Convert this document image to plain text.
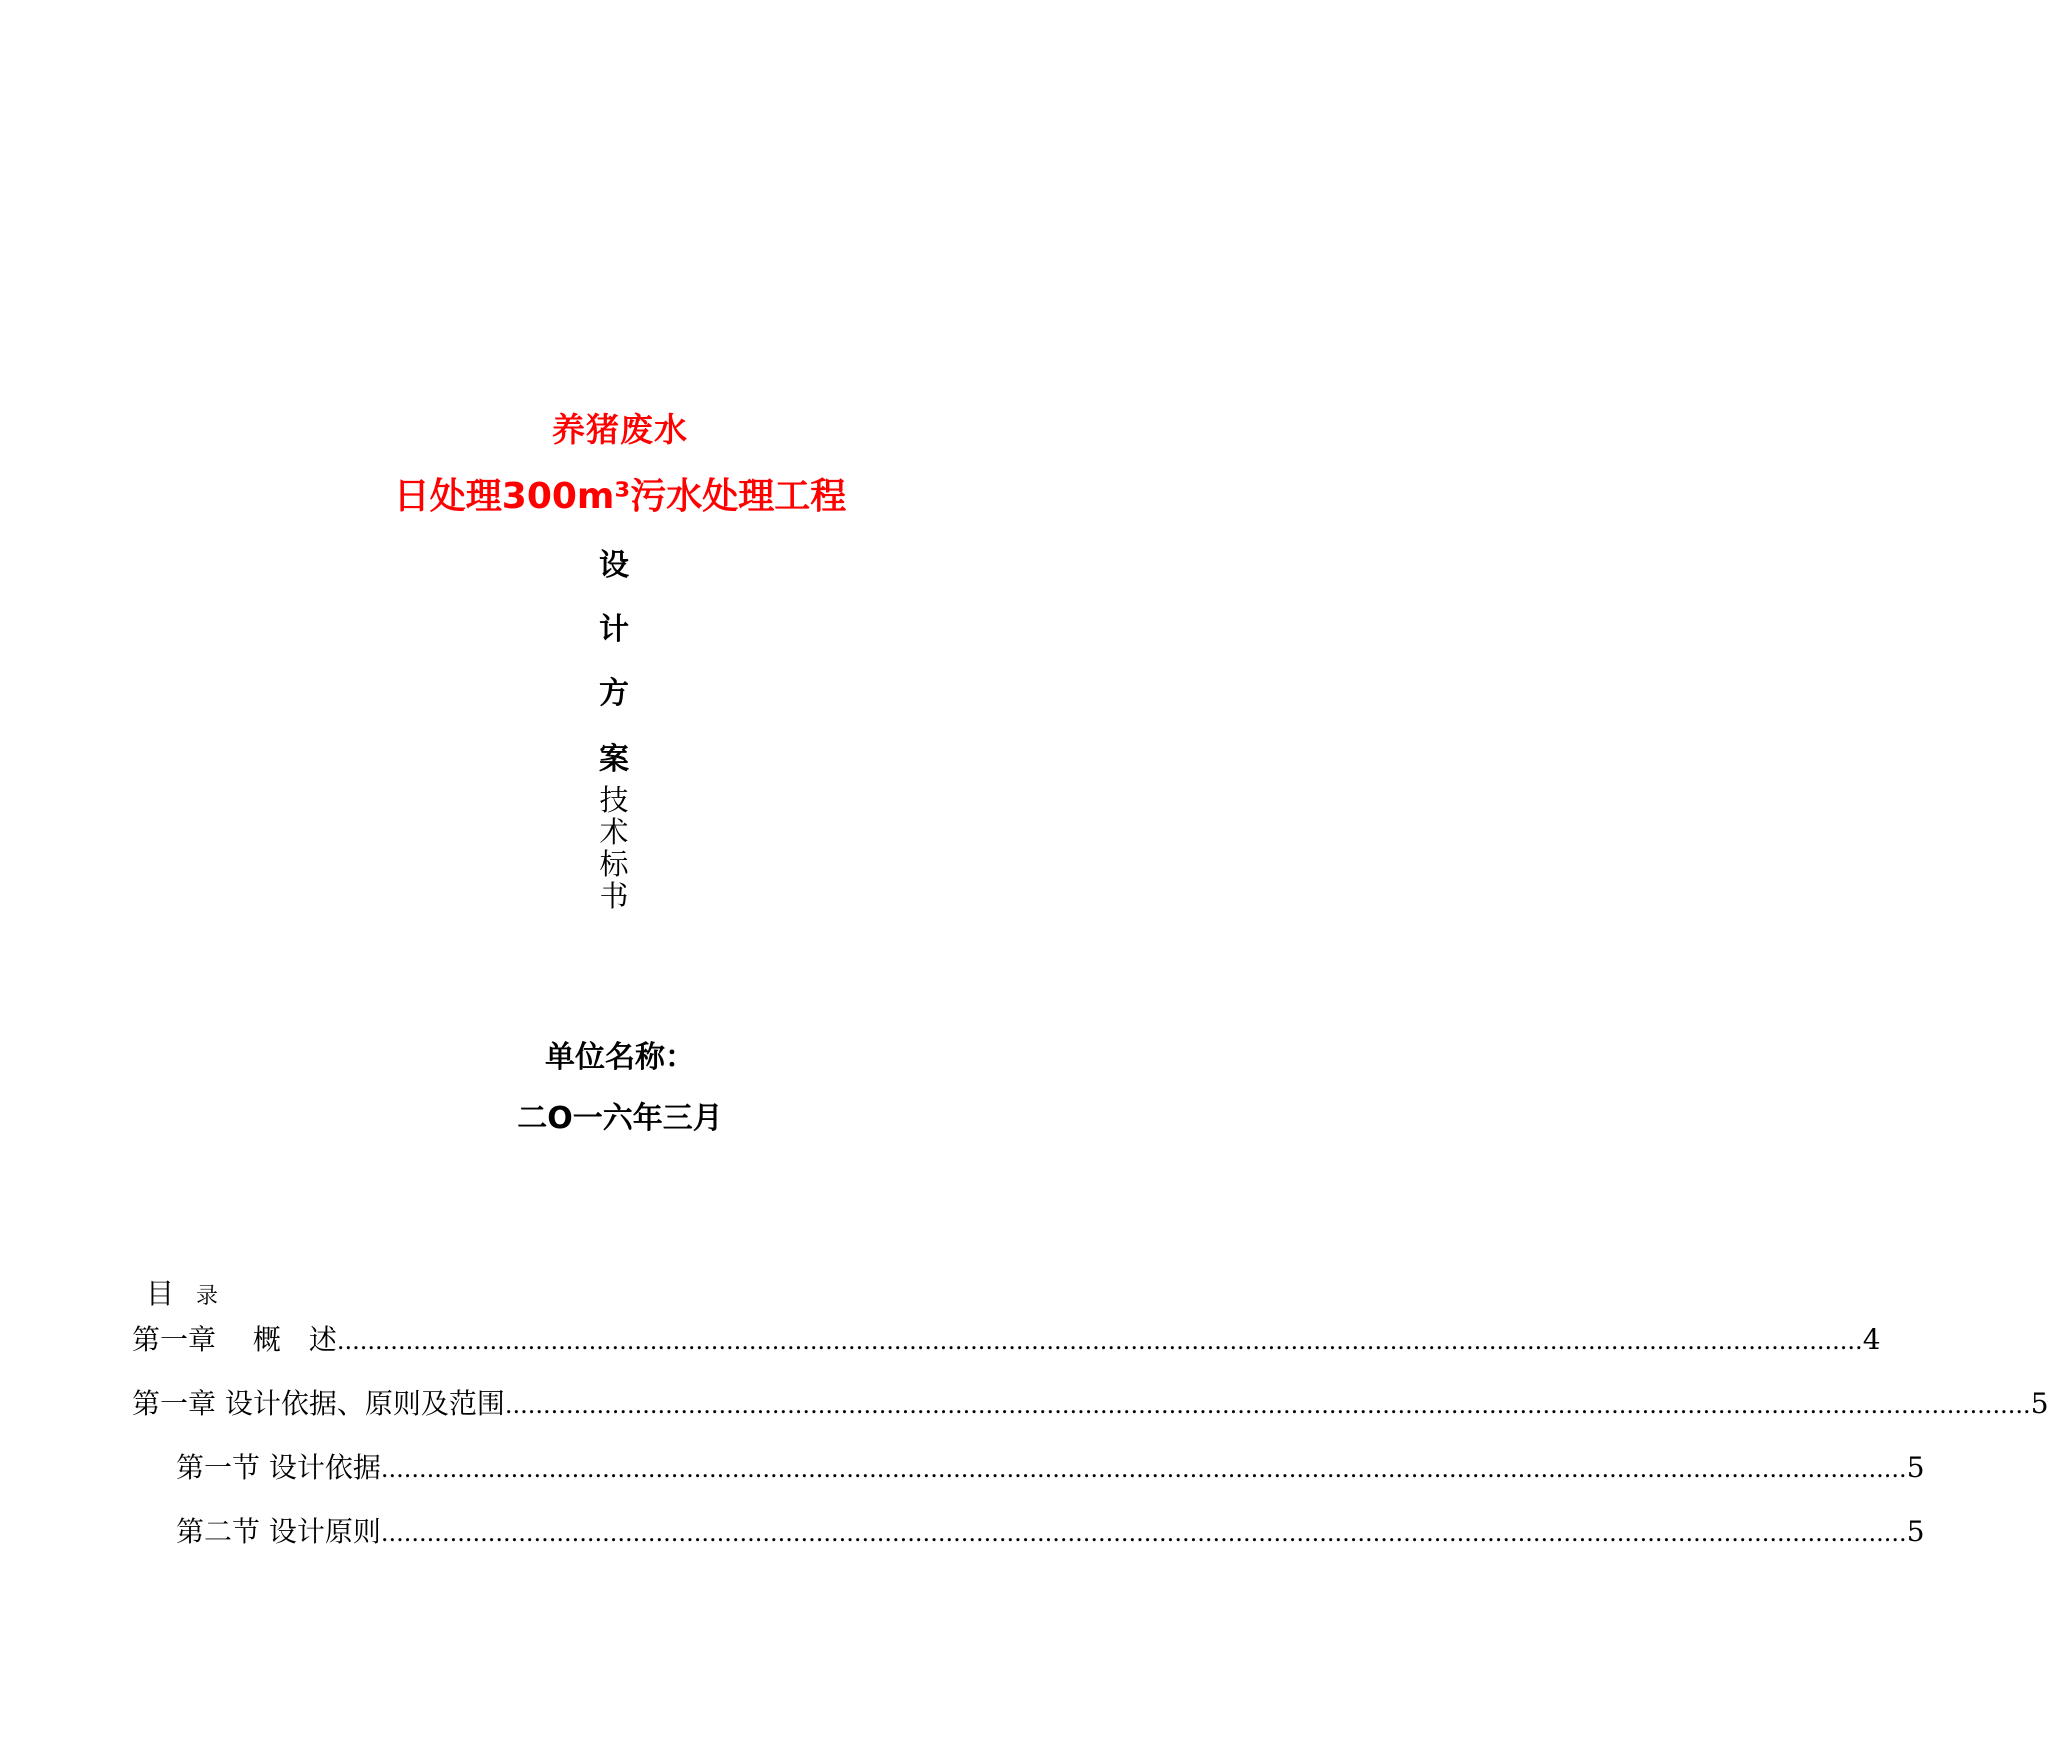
养猪废水
日处理300m³污水处理工程
设
计
方
案
技
术
标
书
单位名称：
二O一六年三月
目 录
第一章　 概　述 ........................................................................................................................................................................................................ 4
第一章 设计依据、原则及范围 ........................................................................................................................................................................................................ 5
第一节 设计依据 ........................................................................................................................................................................................................ 5
第二节 设计原则 ........................................................................................................................................................................................................ 5
